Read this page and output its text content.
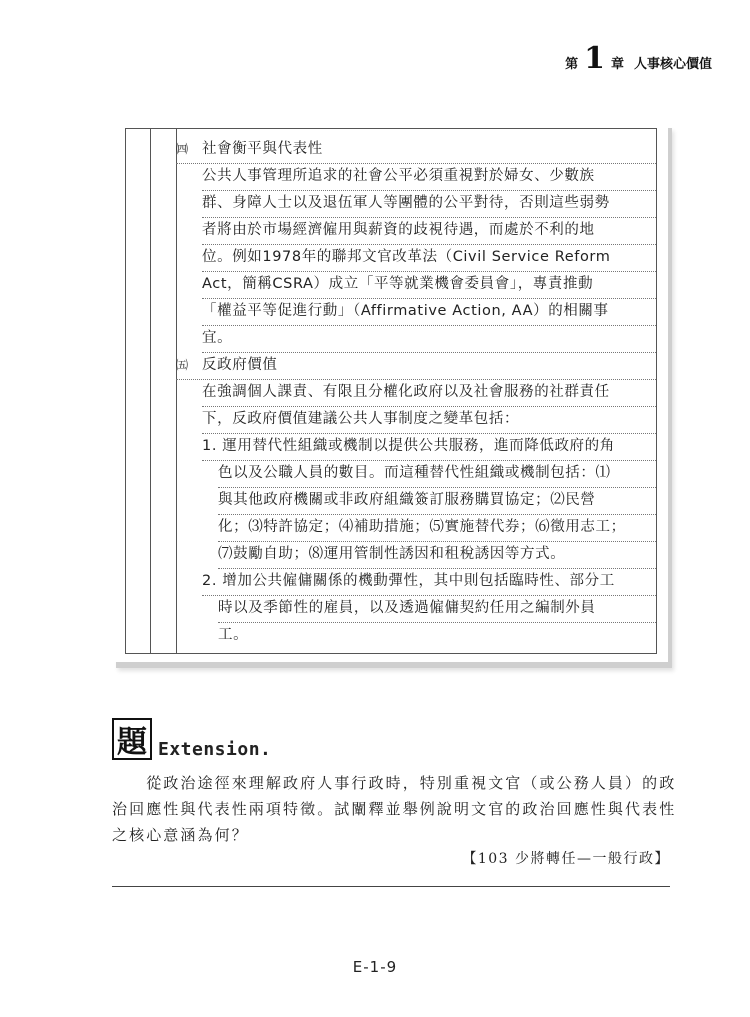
第 1 章 人事核心價值
㈣ 社會衡平與代表性
公共人事管理所追求的社會公平必須重視對於婦女、少數族
群、身障人士以及退伍軍人等團體的公平對待，否則這些弱勢
者將由於市場經濟僱用與薪資的歧視待遇，而處於不利的地
位。例如1978年的聯邦文官改革法（Civil Service Reform
Act，簡稱CSRA）成立「平等就業機會委員會」，專責推動
「權益平等促進行動」（Affirmative Action, AA）的相關事
宜。
㈤ 反政府價值
在強調個人課責、有限且分權化政府以及社會服務的社群責任
下，反政府價值建議公共人事制度之變革包括：
1. 運用替代性組織或機制以提供公共服務，進而降低政府的角
色以及公職人員的數目。而這種替代性組織或機制包括：⑴
與其他政府機關或非政府組織簽訂服務購買協定；⑵民營
化；⑶特許協定；⑷補助措施；⑸實施替代券；⑹徵用志工；
⑺鼓勵自助；⑻運用管制性誘因和租稅誘因等方式。
2. 增加公共僱傭關係的機動彈性，其中則包括臨時性、部分工
時以及季節性的雇員，以及透過僱傭契約任用之編制外員
工。
題 Extension.
　　從政治途徑來理解政府人事行政時，特別重視文官（或公務人員）的政
治回應性與代表性兩項特徵。試闡釋並舉例說明文官的政治回應性與代表性
之核心意涵為何？
【103 少將轉任—一般行政】
E-1-9
